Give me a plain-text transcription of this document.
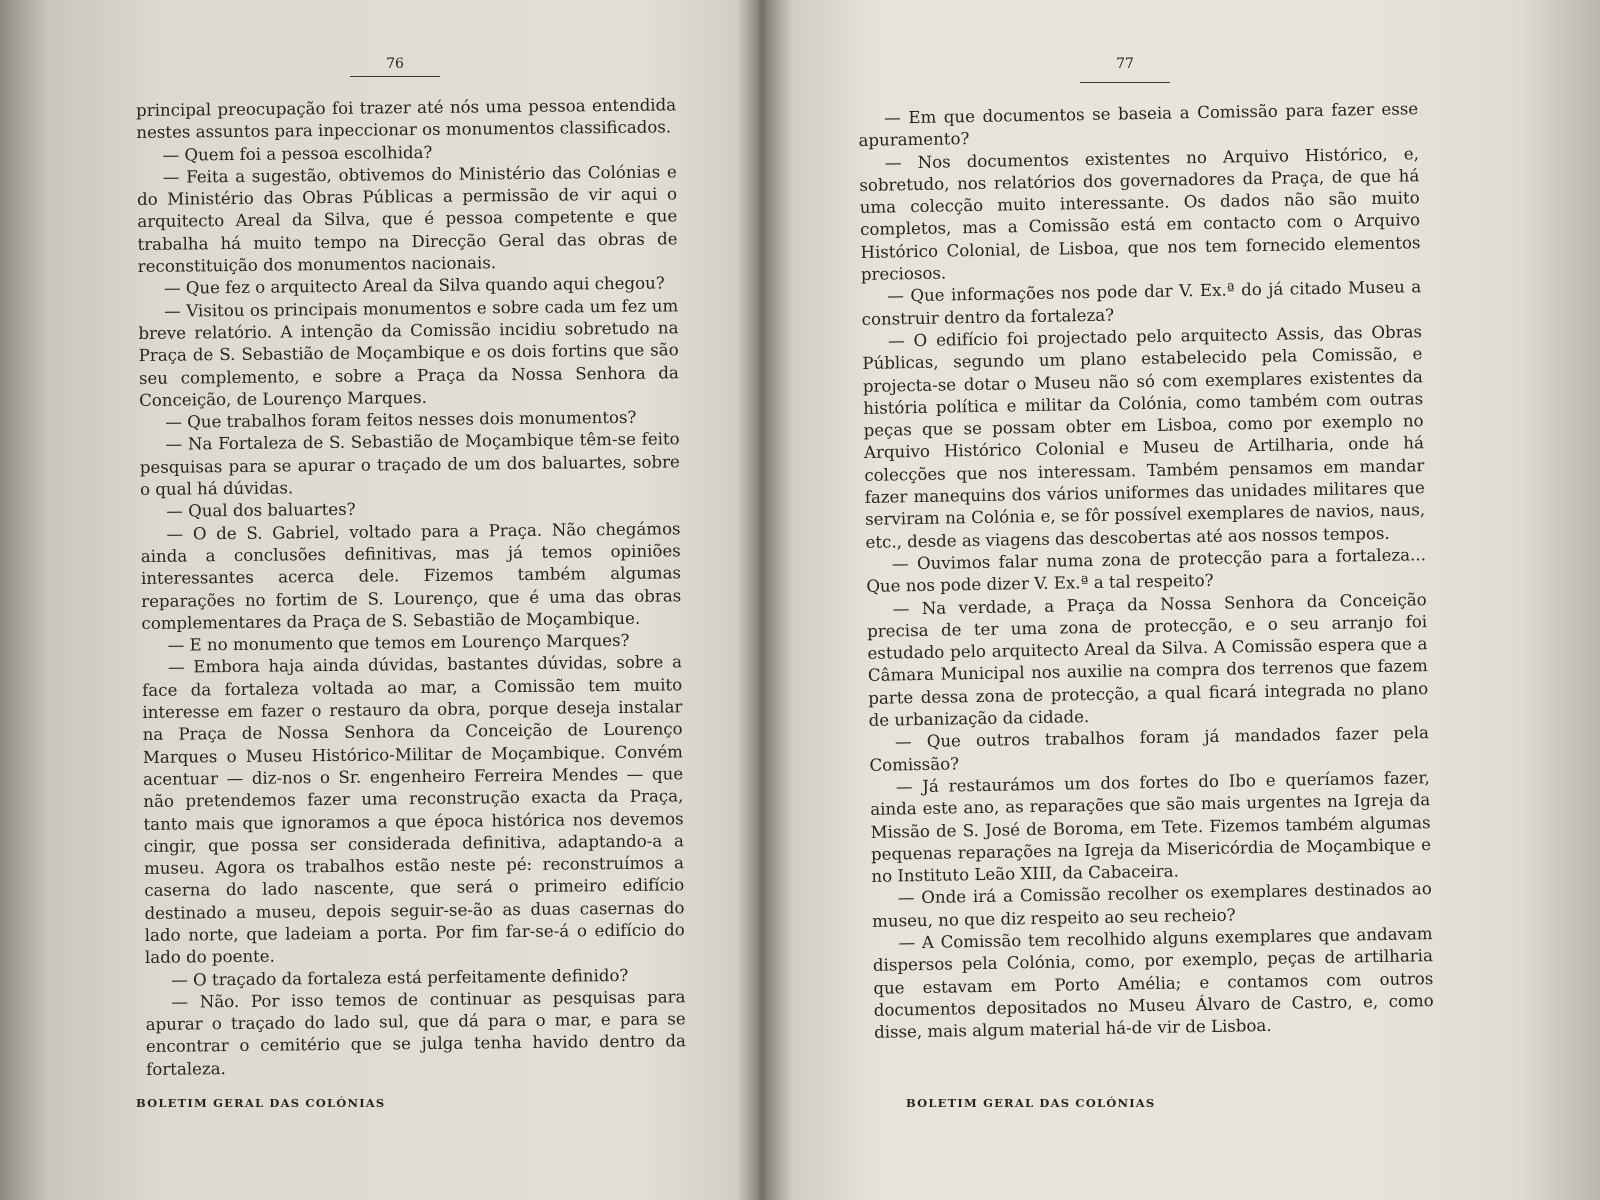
76

principal preocupação foi trazer até nós uma pessoa entendida nestes assuntos para inpeccionar os monumentos classificados.

— Quem foi a pessoa escolhida?

— Feita a sugestão, obtivemos do Ministério das Colónias e do Ministério das Obras Públicas a permissão de vir aqui o arquitecto Areal da Silva, que é pessoa competente e que trabalha há muito tempo na Direcção Geral das obras de reconstituição dos monumentos nacionais.

— Que fez o arquitecto Areal da Silva quando aqui chegou?

— Visitou os principais monumentos e sobre cada um fez um breve relatório. A intenção da Comissão incidiu sobretudo na Praça de S. Sebastião de Moçambique e os dois fortins que são seu complemento, e sobre a Praça da Nossa Senhora da Conceição, de Lourenço Marques.

— Que trabalhos foram feitos nesses dois monumentos?

— Na Fortaleza de S. Sebastião de Moçambique têm-se feito pesquisas para se apurar o traçado de um dos baluartes, sobre o qual há dúvidas.

— Qual dos baluartes?

— O de S. Gabriel, voltado para a Praça. Não chegámos ainda a conclusões definitivas, mas já temos opiniões interessantes acerca dele. Fizemos também algumas reparações no fortim de S. Lourenço, que é uma das obras complementares da Praça de S. Sebastião de Moçambique.

— E no monumento que temos em Lourenço Marques?

— Embora haja ainda dúvidas, bastantes dúvidas, sobre a face da fortaleza voltada ao mar, a Comissão tem muito interesse em fazer o restauro da obra, porque deseja instalar na Praça de Nossa Senhora da Conceição de Lourenço Marques o Museu Histórico-Militar de Moçambique. Convém acentuar — diz-nos o Sr. engenheiro Ferreira Mendes — que não pretendemos fazer uma reconstrução exacta da Praça, tanto mais que ignoramos a que época histórica nos devemos cingir, que possa ser considerada definitiva, adaptando-a a museu. Agora os trabalhos estão neste pé: reconstruímos a caserna do lado nascente, que será o primeiro edifício destinado a museu, depois seguir-se-ão as duas casernas do lado norte, que ladeiam a porta. Por fim far-se-á o edifício do lado do poente.

— O traçado da fortaleza está perfeitamente definido?

— Não. Por isso temos de continuar as pesquisas para apurar o traçado do lado sul, que dá para o mar, e para se encontrar o cemitério que se julga tenha havido dentro da fortaleza.

BOLETIM GERAL DAS COLÓNIAS
77

— Em que documentos se baseia a Comissão para fazer esse apuramento?

— Nos documentos existentes no Arquivo Histórico, e, sobretudo, nos relatórios dos governadores da Praça, de que há uma colecção muito interessante. Os dados não são muito completos, mas a Comissão está em contacto com o Arquivo Histórico Colonial, de Lisboa, que nos tem fornecido elementos preciosos.

— Que informações nos pode dar V. Ex.ª do já citado Museu a construir dentro da fortaleza?

— O edifício foi projectado pelo arquitecto Assis, das Obras Públicas, segundo um plano estabelecido pela Comissão, e projecta-se dotar o Museu não só com exemplares existentes da história política e militar da Colónia, como também com outras peças que se possam obter em Lisboa, como por exemplo no Arquivo Histórico Colonial e Museu de Artilharia, onde há colecções que nos interessam. Também pensamos em mandar fazer manequins dos vários uniformes das unidades militares que serviram na Colónia e, se fôr possível exemplares de navios, naus, etc., desde as viagens das descobertas até aos nossos tempos.

— Ouvimos falar numa zona de protecção para a fortaleza... Que nos pode dizer V. Ex.ª a tal respeito?

— Na verdade, a Praça da Nossa Senhora da Conceição precisa de ter uma zona de protecção, e o seu arranjo foi estudado pelo arquitecto Areal da Silva. A Comissão espera que a Câmara Municipal nos auxilie na compra dos terrenos que fazem parte dessa zona de protecção, a qual ficará integrada no plano de urbanização da cidade.

— Que outros trabalhos foram já mandados fazer pela Comissão?

— Já restaurámos um dos fortes do Ibo e queríamos fazer, ainda este ano, as reparações que são mais urgentes na Igreja da Missão de S. José de Boroma, em Tete. Fizemos também algumas pequenas reparações na Igreja da Misericórdia de Moçambique e no Instituto Leão XIII, da Cabaceira.

— Onde irá a Comissão recolher os exemplares destinados ao museu, no que diz respeito ao seu recheio?

— A Comissão tem recolhido alguns exemplares que andavam dispersos pela Colónia, como, por exemplo, peças de artilharia que estavam em Porto Amélia; e contamos com outros documentos depositados no Museu Álvaro de Castro, e, como disse, mais algum material há-de vir de Lisboa.

BOLETIM GERAL DAS COLÓNIAS
